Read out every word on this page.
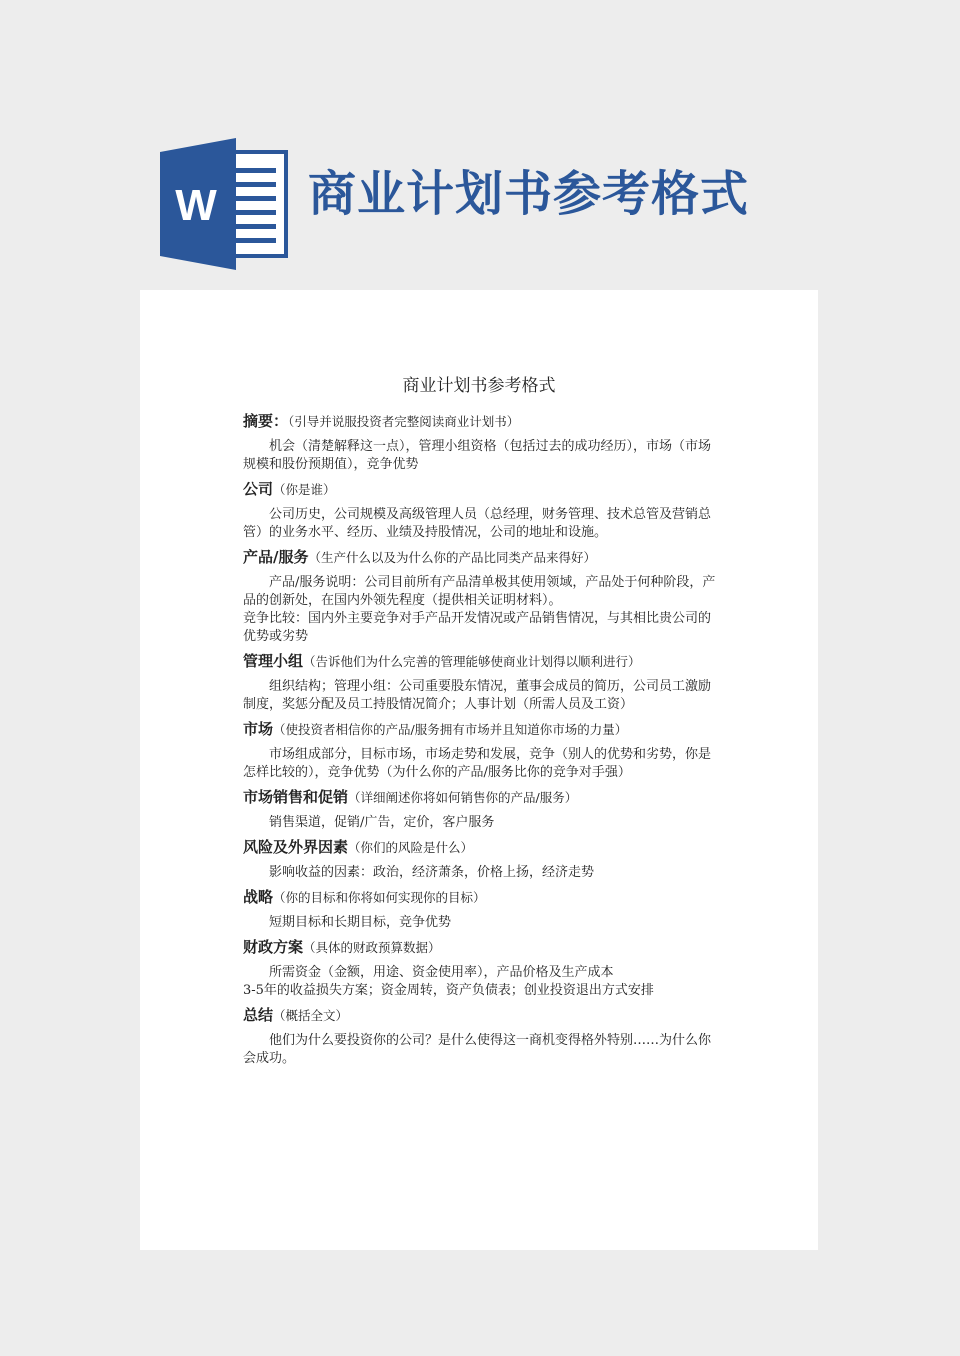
W 商业计划书参考格式
商业计划书参考格式
摘要：（引导并说服投资者完整阅读商业计划书）

机会（清楚解释这一点），管理小组资格（包括过去的成功经历），市场（市场规模和股份预期值），竞争优势

公司（你是谁）

公司历史，公司规模及高级管理人员（总经理，财务管理、技术总管及营销总管）的业务水平、经历、业绩及持股情况，公司的地址和设施。

产品/服务（生产什么以及为什么你的产品比同类产品来得好）

产品/服务说明：公司目前所有产品清单极其使用领域，产品处于何种阶段，产品的创新处，在国内外领先程度（提供相关证明材料）。

竞争比较：国内外主要竞争对手产品开发情况或产品销售情况，与其相比贵公司的优势或劣势

管理小组（告诉他们为什么完善的管理能够使商业计划得以顺利进行）

组织结构；管理小组：公司重要股东情况，董事会成员的简历，公司员工激励制度，奖惩分配及员工持股情况简介；人事计划（所需人员及工资）

市场（使投资者相信你的产品/服务拥有市场并且知道你市场的力量）

市场组成部分，目标市场，市场走势和发展，竞争（别人的优势和劣势，你是怎样比较的），竞争优势（为什么你的产品/服务比你的竞争对手强）

市场销售和促销（详细阐述你将如何销售你的产品/服务）

销售渠道，促销/广告，定价，客户服务

风险及外界因素（你们的风险是什么）

影响收益的因素：政治，经济萧条，价格上扬，经济走势

战略（你的目标和你将如何实现你的目标）

短期目标和长期目标，竞争优势

财政方案（具体的财政预算数据）

所需资金（金额，用途、资金使用率），产品价格及生产成本

3-5年的收益损失方案；资金周转，资产负债表；创业投资退出方式安排

总结（概括全文）

他们为什么要投资你的公司？是什么使得这一商机变得格外特别……为什么你会成功。
